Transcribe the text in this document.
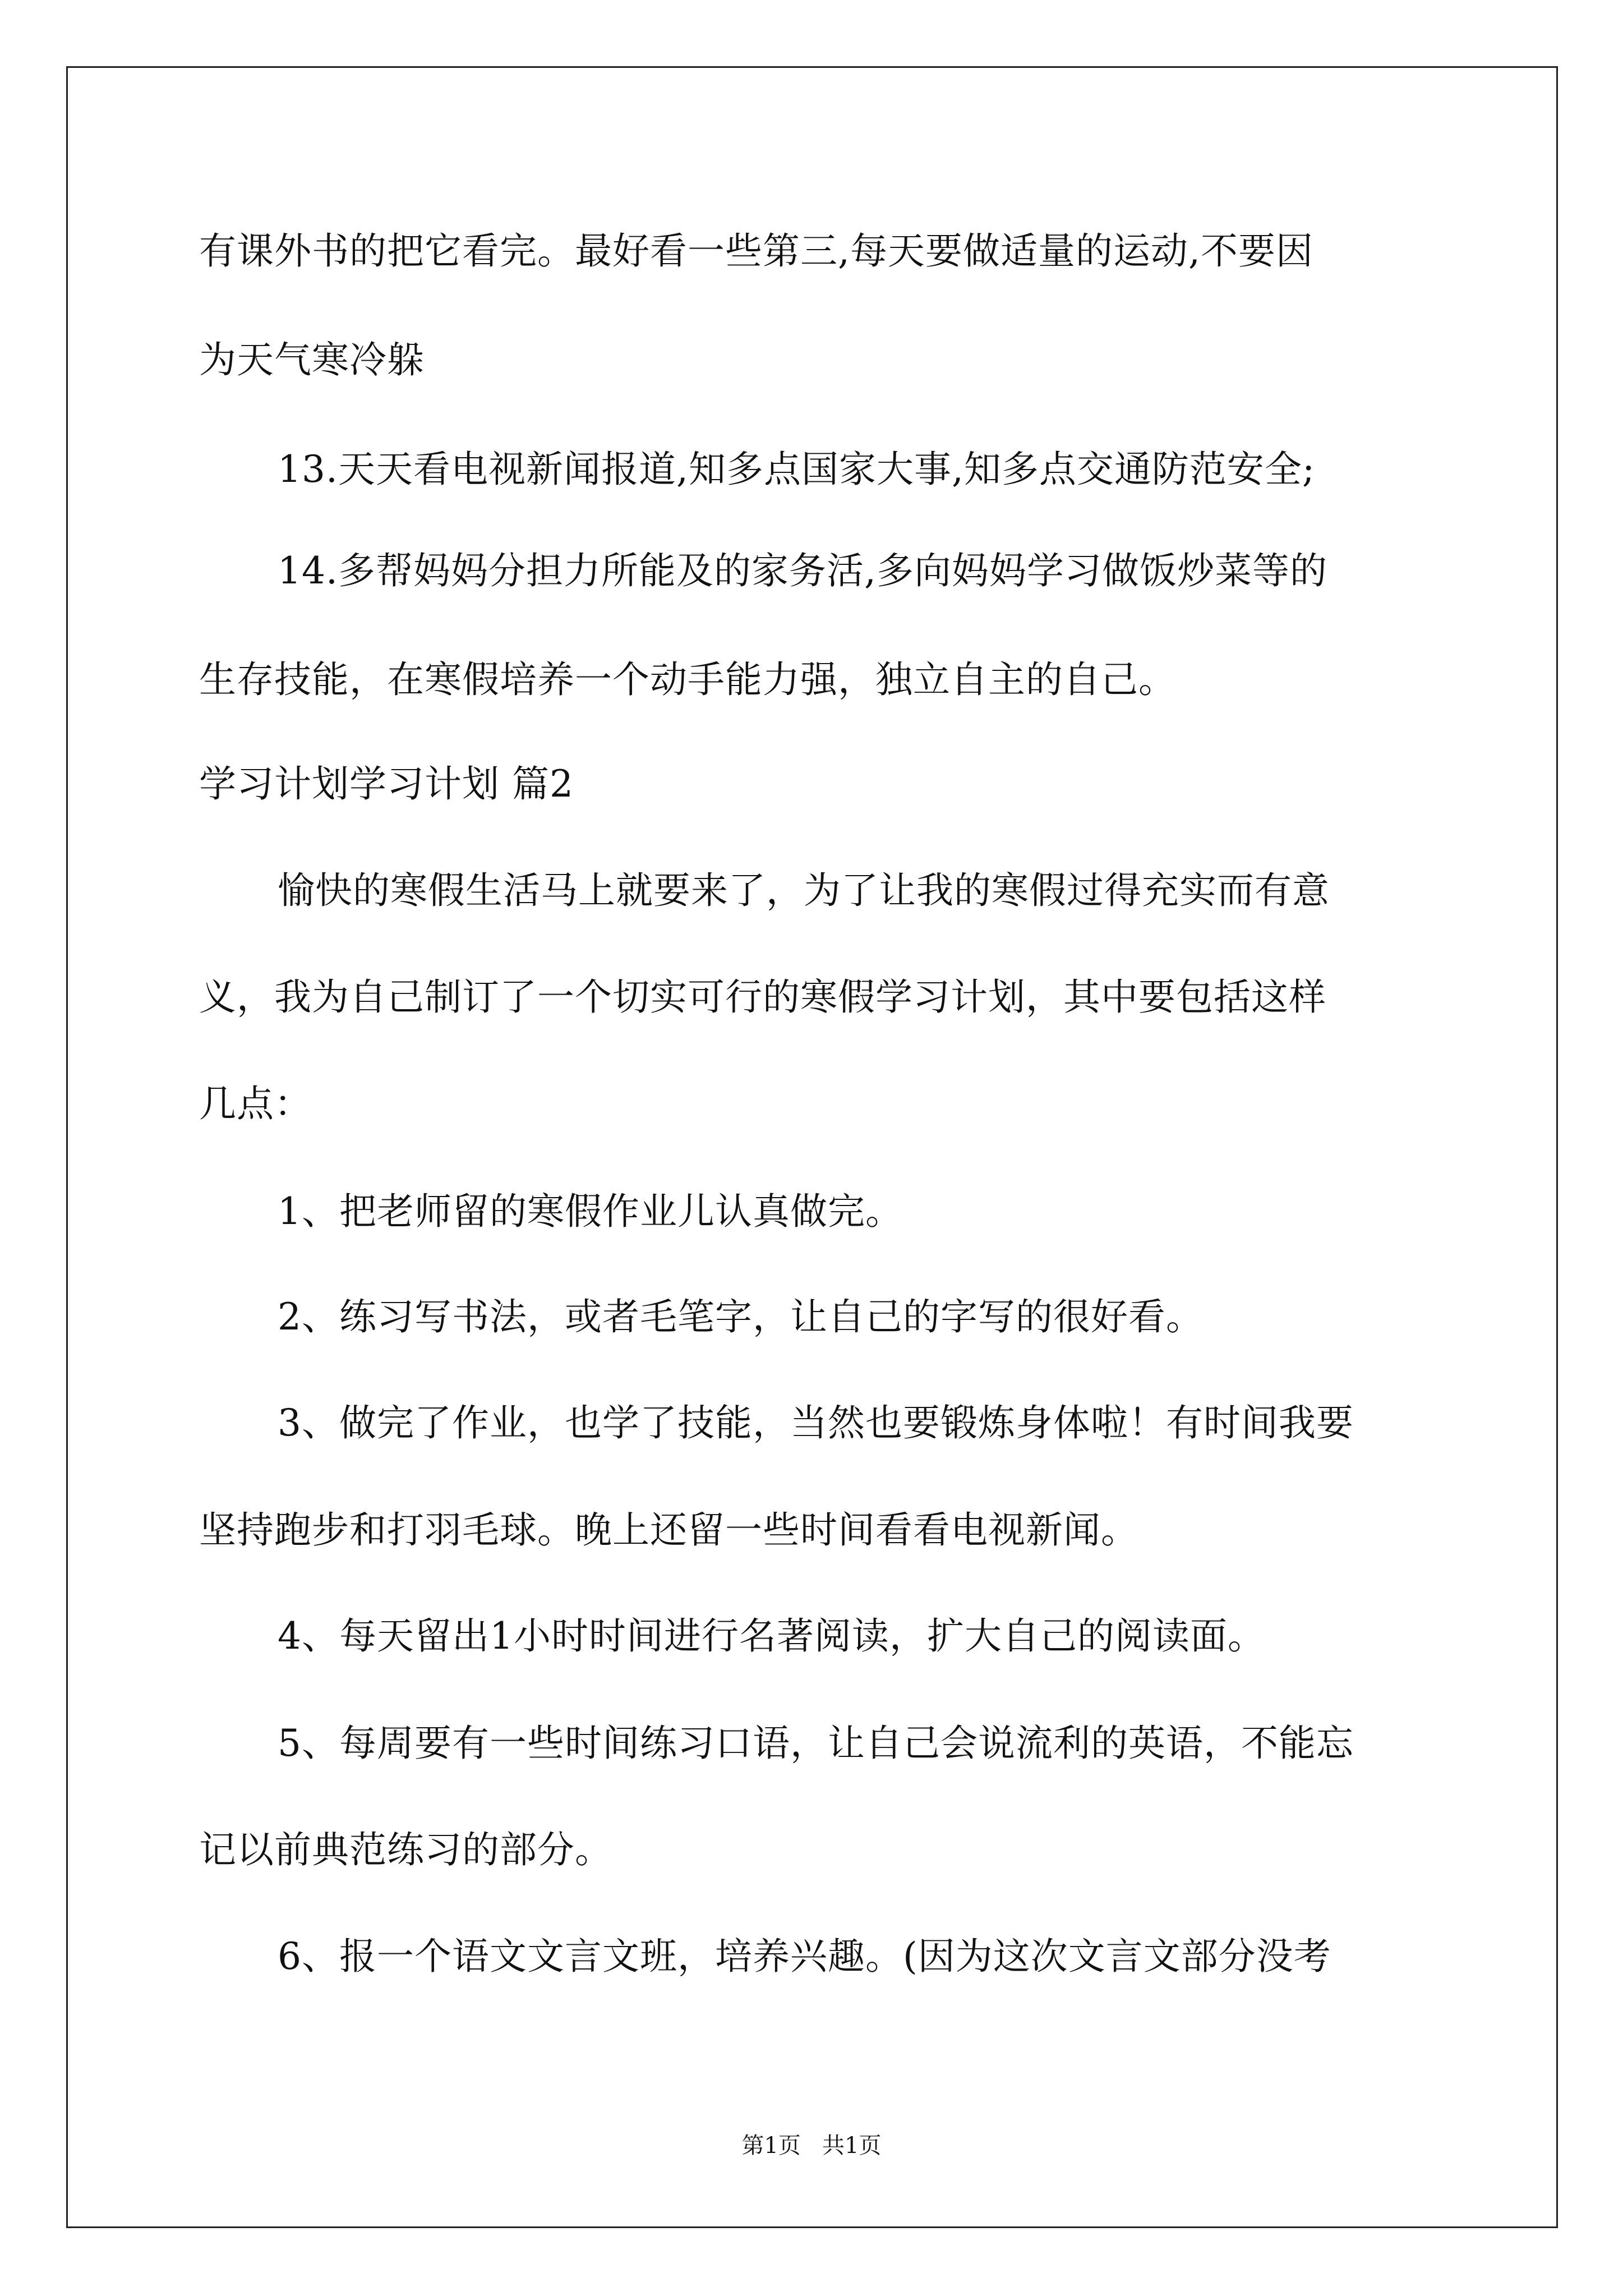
有课外书的把它看完。最好看一些第三,每天要做适量的运动,不要因
为天气寒冷躲
13.天天看电视新闻报道,知多点国家大事,知多点交通防范安全;
14.多帮妈妈分担力所能及的家务活,多向妈妈学习做饭炒菜等的
生存技能，在寒假培养一个动手能力强，独立自主的自己。
学习计划学习计划 篇2
愉快的寒假生活马上就要来了，为了让我的寒假过得充实而有意
义，我为自己制订了一个切实可行的寒假学习计划，其中要包括这样
几点：
1、把老师留的寒假作业儿认真做完。
2、练习写书法，或者毛笔字，让自己的字写的很好看。
3、做完了作业，也学了技能，当然也要锻炼身体啦！有时间我要
坚持跑步和打羽毛球。晚上还留一些时间看看电视新闻。
4、每天留出1小时时间进行名著阅读，扩大自己的阅读面。
5、每周要有一些时间练习口语，让自己会说流利的英语，不能忘
记以前典范练习的部分。
6、报一个语文文言文班，培养兴趣。(因为这次文言文部分没考
第1页   共1页
